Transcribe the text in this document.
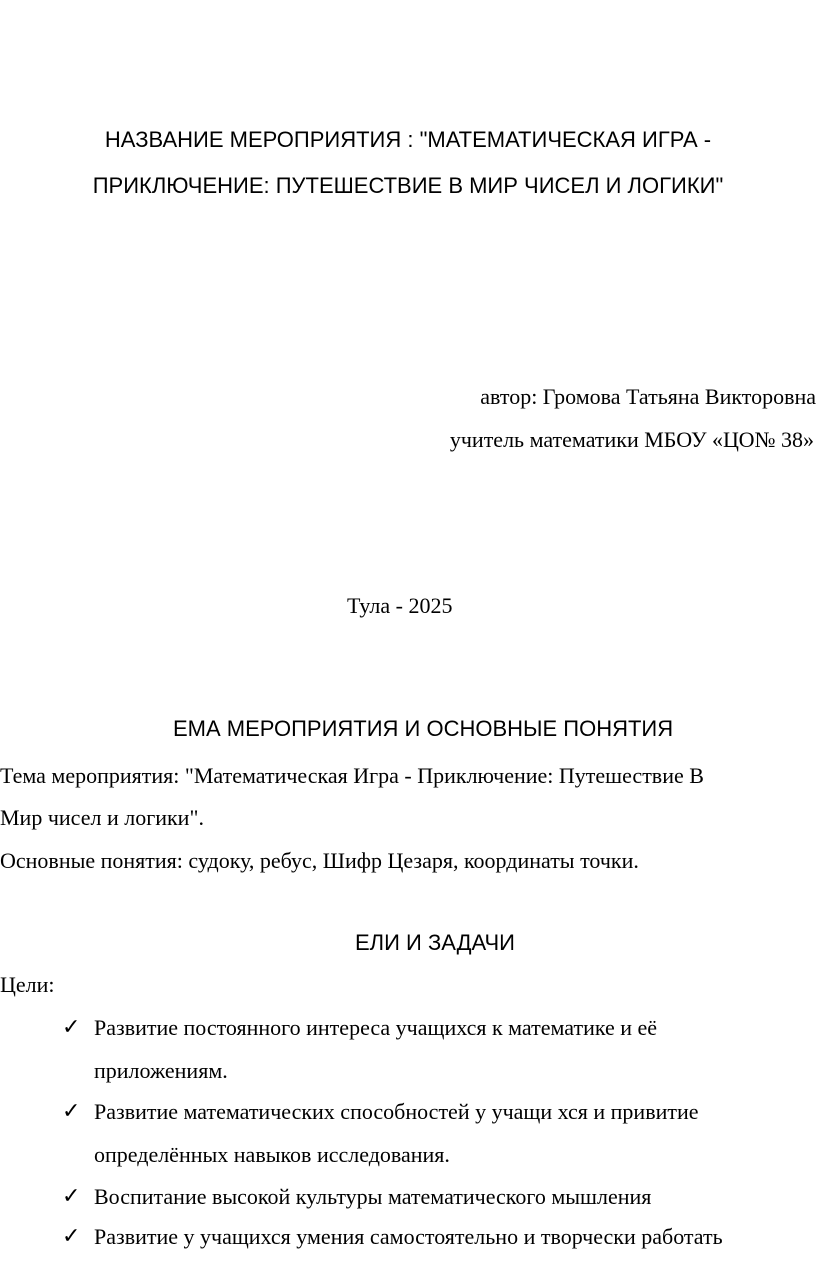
НАЗВАНИЕ МЕРОПРИЯТИЯ : "МАТЕМАТИЧЕСКАЯ ИГРА -
ПРИКЛЮЧЕНИЕ: ПУТЕШЕСТВИЕ В МИР ЧИСЕЛ И ЛОГИКИ"
автор: Громова Татьяна Викторовна
учитель математики МБОУ «ЦО№ 38»
Тула - 2025
ЕМА МЕРОПРИЯТИЯ И ОСНОВНЫЕ ПОНЯТИЯ
Тема мероприятия: "Математическая Игра - Приключение: Путешествие В
Мир чисел и логики".
Основные понятия: судоку, ребус, Шифр Цезаря, координаты точки.
ЕЛИ И ЗАДАЧИ
Цели:
✓ Развитие постоянного интереса учащихся к математике и её
приложениям.
✓ Развитие математических способностей у учащи хся и привитие
определённых навыков исследования.
✓ Воспитание высокой культуры математического мышления
✓ Развитие у учащихся умения самостоятельно и творчески работать
